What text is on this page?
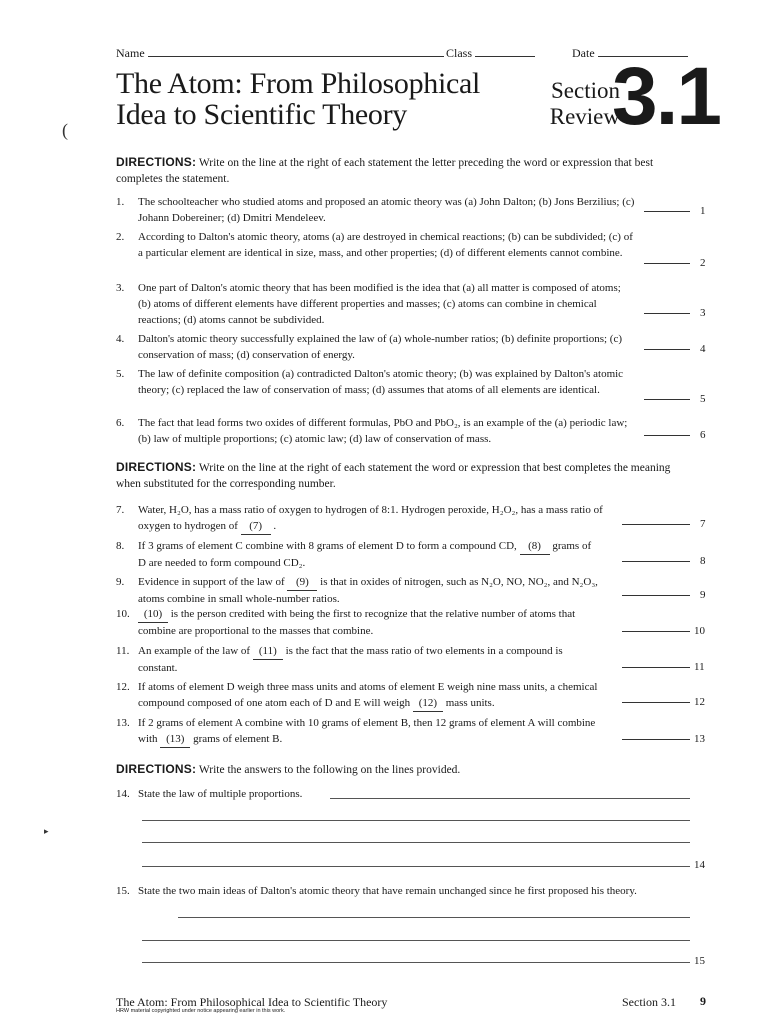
Name	Class	Date
The Atom: From Philosophical
Idea to Scientific Theory
Section
Review
3.1
DIRECTIONS: Write on the line at the right of each statement the letter preceding the word or expression that best completes the statement.
1. The schoolteacher who studied atoms and proposed an atomic theory was (a) John Dalton; (b) Jons Berzilius; (c) Johann Dobereiner; (d) Dmitri Mendeleev.
2. According to Dalton's atomic theory, atoms (a) are destroyed in chemical reactions; (b) can be subdivided; (c) of a particular element are identical in size, mass, and other properties; (d) of different elements cannot combine.
3. One part of Dalton's atomic theory that has been modified is the idea that (a) all matter is composed of atoms; (b) atoms of different elements have different properties and masses; (c) atoms can combine in chemical reactions; (d) atoms cannot be subdivided.
4. Dalton's atomic theory successfully explained the law of (a) whole-number ratios; (b) definite proportions; (c) conservation of mass; (d) conservation of energy.
5. The law of definite composition (a) contradicted Dalton's atomic theory; (b) was explained by Dalton's atomic theory; (c) replaced the law of conservation of mass; (d) assumes that atoms of all elements are identical.
6. The fact that lead forms two oxides of different formulas, PbO and PbO₂, is an example of the (a) periodic law; (b) law of multiple proportions; (c) atomic law; (d) law of conservation of mass.
1
2
3
4
5
6
DIRECTIONS: Write on the line at the right of each statement the word or expression that best completes the meaning when substituted for the corresponding number.
7. Water, H₂O, has a mass ratio of oxygen to hydrogen of 8:1. Hydrogen peroxide, H₂O₂, has a mass ratio of oxygen to hydrogen of (7) .
8. If 3 grams of element C combine with 8 grams of element D to form a compound CD, (8) grams of D are needed to form compound CD₂.
9. Evidence in support of the law of (9) is that in oxides of nitrogen, such as N₂O, NO, NO₂, and N₂O₃, atoms combine in small whole-number ratios.
10.	(10) is the person credited with being the first to recognize that the relative number of atoms that combine are proportional to the masses that combine.
11. An example of the law of (11) is the fact that the mass ratio of two elements in a compound is constant.
12. If atoms of element D weigh three mass units and atoms of element E weigh nine mass units, a chemical compound composed of one atom each of D and E will weigh (12) mass units.
13. If 2 grams of element A combine with 10 grams of element B, then 12 grams of element A will combine with (13) grams of element B.
7
8
9
10
11
12
13
DIRECTIONS: Write the answers to the following on the lines provided.
14. State the law of multiple proportions.
14
15. State the two main ideas of Dalton's atomic theory that have remain unchanged since he first proposed his theory.
15
The Atom: From Philosophical Idea to Scientific Theory
HRW material copyrighted under notice appearing earlier in this work.
Section 3.1 9
(
▸
